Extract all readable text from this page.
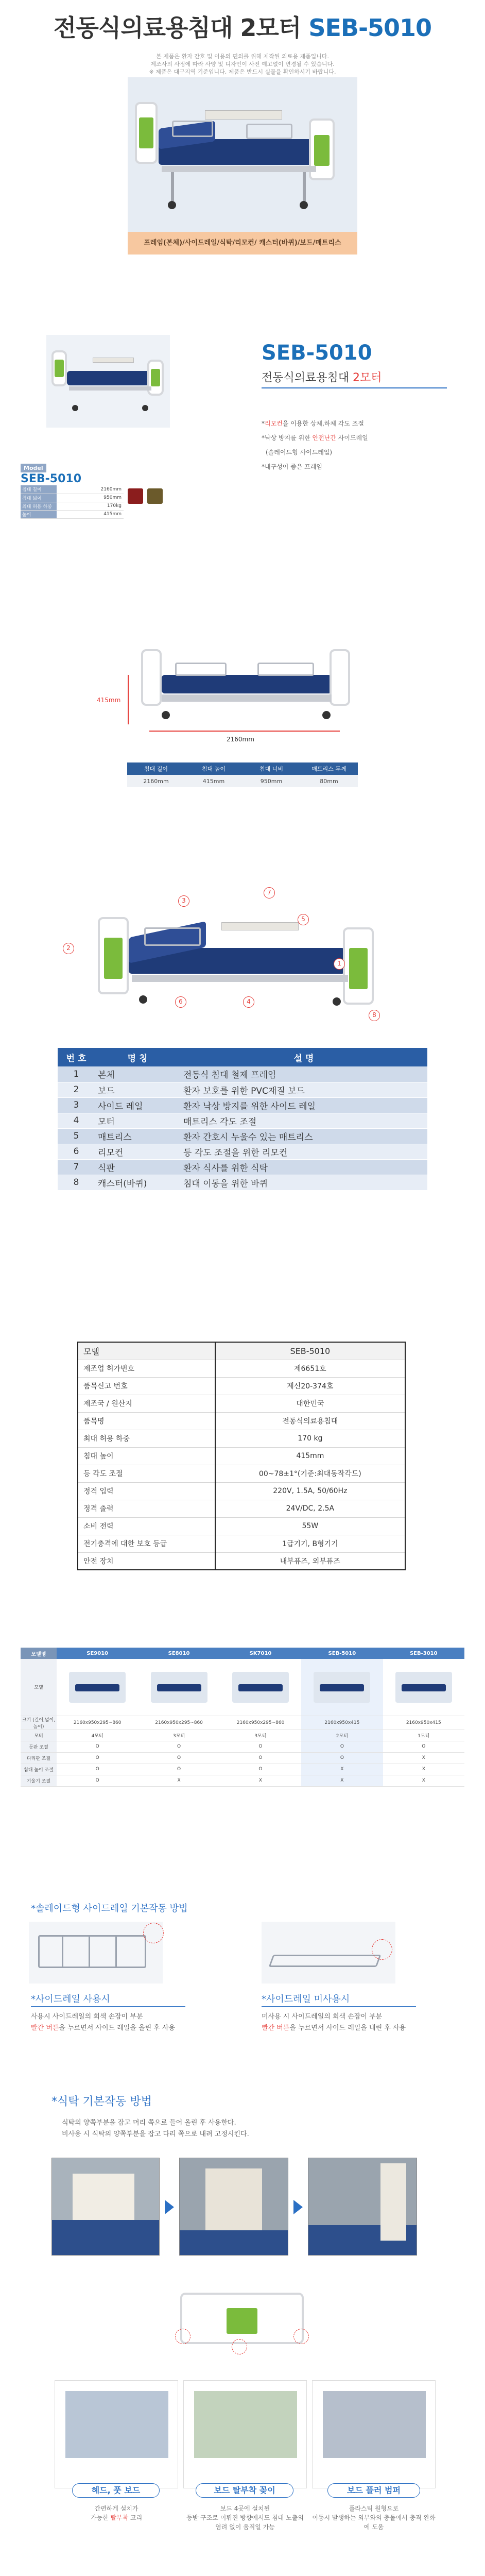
전동식의료용침대 2모터 SEB-5010
본 제품은 환자 간호 및 이용의 편의를 위해 제작된 의료용 제품입니다.
제조사의 사정에 따라 사양 및 디자인이 사전 예고없이 변경될 수 있습니다.
※ 제품은 대구지역 기준입니다. 제품은 반드시 실물을 확인하시기 바랍니다.
프레임(본체)/사이드레일/식탁/리모컨/ 캐스터(바퀴)/보드/매트리스
SEB-5010
전동식의료용침대 2모터
*리모컨을 이용한 상체,하체 각도 조절
*낙상 방지를 위한 안전난간 사이드레일
(솔레이드형 사이드레일)
*내구성이 좋은 프레임
Model
SEB-5010
침대 길이	2160mm
침대 넓이	950mm
최대 허용 하중	170kg
높이	415mm
415mm
2160mm
침대 길이	침대 높이	침대 너비	매트리스 두께
2160mm	415mm	950mm	80mm
3
7
5
2
1
6	4
8
번 호	명 칭	설 명
1	본체	전동식 침대 철제 프레임
2	보드	환자 보호를 위한 PVC재질 보드
3	사이드 레일	환자 낙상 방지를 위한 사이드 레일
4	모터	매트리스 각도 조절
5	매트리스	환자 간호시 누울수 있는 매트리스
6	리모컨	등 각도 조절을 위한 리모컨
7	식판	환자 식사를 위한 식탁
8	캐스터(바퀴)	침대 이동을 위한 바퀴
모델	SEB-5010
제조업 허가번호	제6651호
품목신고 번호	제신20-374호
제조국 / 원산지	대한민국
품목명	전동식의료용침대
최대 허용 하중	170 kg
침대 높이	415mm
등 각도 조절	00~78±1°(기준:최대동작각도)
정격 입력	220V, 1.5A, 50/60Hz
정격 출력	24V/DC, 2.5A
소비 전력	55W
전기충격에 대한 보호 등급	1급기기, B형기기
안전 장치	내부퓨즈, 외부퓨즈
모델명	SE9010	SE8010	SK7010	SEB-5010	SEB-3010
모델	

크기 (길이,넓이,높이)	2160x950x295~860	2160x950x295~860	2160x950x295~860	2160x950x415	2160x950x415
모터	4모터	3모터	3모터	2모터	1모터
등판 조절	O	O	O	O	O
다리판 조절	O	O	O	O	X
침대 높이 조절	O	O	O	X	X
기울기 조절	O	X	X	X	X
*솔레이드형 사이드레일 기본작동 방법
*사이드레일 사용시
사용시 사이드레일의 회색 손잡이 부분
빨간 버튼을 누르면서 사이드 레일을 올린 후 사용
*사이드레일 미사용시
미사용 시 사이드레일의 회색 손잡이 부분
빨간 버튼을 누르면서 사이드 레일을 내린 후 사용
*식탁 기본작동 방법
식탁의 양쪽부분을 잡고 머리 쪽으로 들어 올린 후 사용한다.
비사용 시 식탁의 양쪽부분을 잡고 다리 쪽으로 내려 고정시킨다.
헤드, 풋 보드
간편하게 설치가
가능한 탈부착 고리
보드 탈부착 꽂이
보드 4곳에 설치된
등받 구조로 이뤄진 방향에서도 침대 노출의 염려 없이 움직일 가능
보드 플러 범퍼
플라스틱 원형으로
이동시 발생하는 외부와의 충돌에서 충격 완화에 도움
